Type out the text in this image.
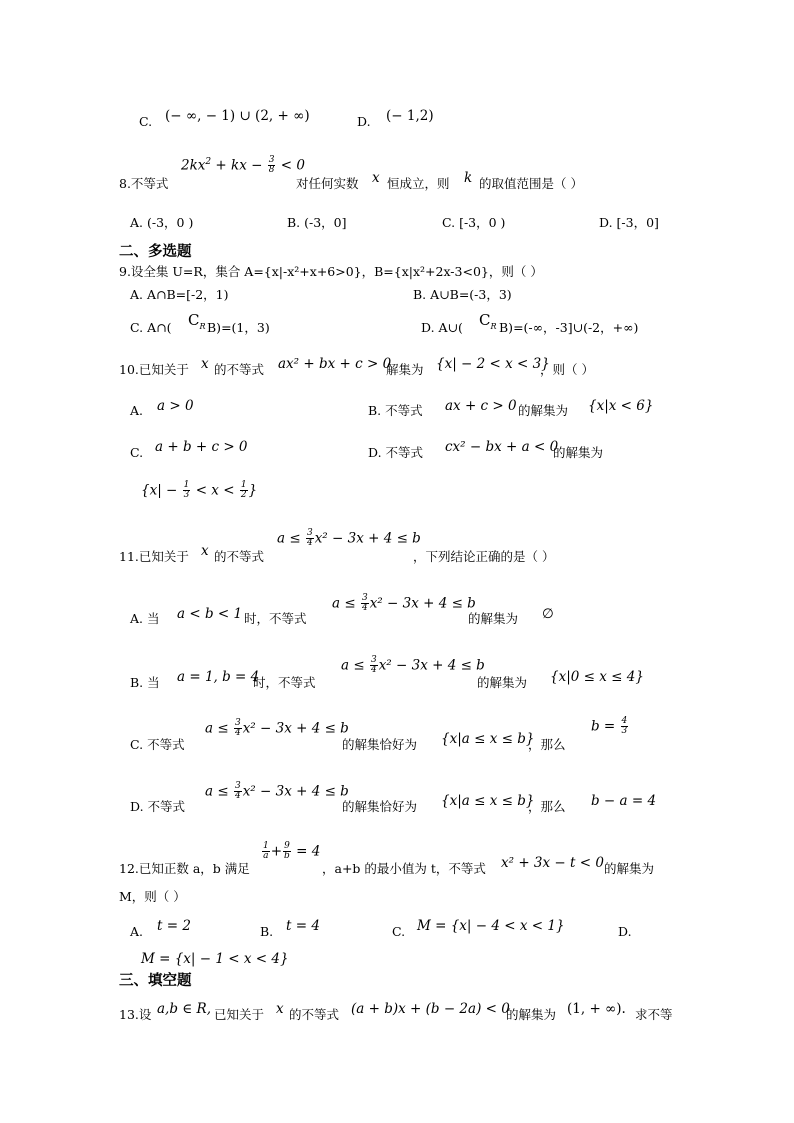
C. (− ∞, − 1) ∪ (2, + ∞)	D. (− 1,2)
8.不等式
$2kx^2$ + kx − $\frac{3}{8} < 0$
对任何实数 x 恒成立，则 k 的取值范围是（ ）
A. (-3，0 )	B. (-3，0]	C. [-3，0 )	D. [-3，0]
二、多选题
9.设全集 U=R，集合 A={x|-x²+x+6>0}，B={x|x²+2x-3<0}，则（ ）
A. A∩B=[-2，1)	B. A∪B=(-3，3)
C. A∩( $C_R$ B)=(1，3)	D. A∪( $C_R$ B)=(-∞，-3]∪(-2，+∞)
10.已知关于 x 的不等式 ax² + bx + c > 0
解集为 {x| − 2 < x < 3}
，则（ ）
A. a > 0	B. 不等式 ax + c > 0 的解集为 {x|x < 6}
C. a + b + c > 0	D. 不等式 cx² − bx + a < 0
的解集为
{$x| - \frac{1}{3} < x < \frac{1}{2}$ }
11.已知关于 x 的不等式
$a \le \frac{3}{4} x^2 - 3x + 4 \le b$
，下列结论正确的是（ ）
A. 当 a < b < 1 时，不等式
$a \le \frac{3}{4} x^2 - 3x + 4 \le b$
的解集为 ∅
B. 当 a = 1, b = 4
时，不等式
$a \le \frac{3}{4} x^2 - 3x + 4 \le b$
的解集为 {x|0 ≤ x ≤ 4}
C. 不等式
$a \le \frac{3}{4} x^2 - 3x + 4 \le b$
的解集恰好为 {x|a ≤ x ≤ b}
，那么
$b = \frac{4}{3}$
D. 不等式
$a \le \frac{3}{4} x^2 - 3x + 4 \le b$
的解集恰好为 {x|a ≤ x ≤ b}
，那么 b − a = 4
12.已知正数 a，b 满足
$\frac{1}{a} + \frac{9}{b} = 4$
，a+b 的最小值为 t，不等式 x² + 3x − t < 0 的解集为
M，则（ ）
A. t = 2	B. t = 4	C. M = {x| − 4 < x < 1}	D.
M = {x| − 1 < x < 4}
三、填空题
13.设 a,b ∈ R, 已知关于 x 的不等式 (a + b)x + (b − 2a) < 0
的解集为 (1, + ∞). 求不等
